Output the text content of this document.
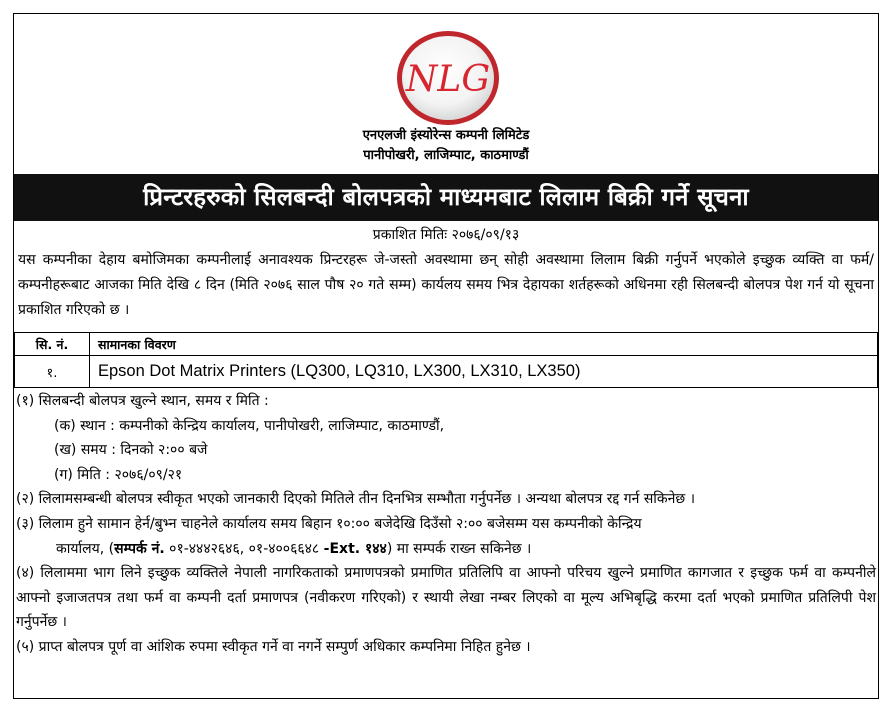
NLG
एनएलजी इंस्योरेन्स कम्पनी लिमिटेड
पानीपोखरी, लाजिम्पाट, काठमाण्डौं
प्रिन्टरहरुको सिलबन्दी बोलपत्रको माध्यमबाट लिलाम बिक्री गर्ने सूचना
प्रकाशित मितिः २०७६/०९/१३

यस कम्पनीका देहाय बमोजिमका कम्पनीलाई अनावश्यक प्रिन्टरहरू जे-जस्तो अवस्थामा छन् सोही अवस्थामा लिलाम बिक्री गर्नुपर्ने भएकोले इच्छुक व्यक्ति वा फर्म/कम्पनीहरूबाट आजका मिति देखि ८ दिन (मिति २०७६ साल पौष २० गते सम्म) कार्यलय समय भित्र देहायका शर्तहरूको अधिनमा रही सिलबन्दी बोलपत्र पेश गर्न यो सूचना प्रकाशित गरिएको छ ।

सि. नं.	सामानका विवरण
१.	Epson Dot Matrix Printers (LQ300, LQ310, LX300, LX310, LX350)
(१) सिलबन्दी बोलपत्र खुल्ने स्थान, समय र मिति :
(क) स्थान : कम्पनीको केन्द्रिय कार्यालय, पानीपोखरी, लाजिम्पाट, काठमाण्डौं,
(ख) समय : दिनको २:०० बजे
(ग) मिति : २०७६/०९/२१
(२) लिलामसम्बन्धी बोलपत्र स्वीकृत भएको जानकारी दिएको मितिले तीन दिनभित्र सम्भौता गर्नुपर्नेछ । अन्यथा बोलपत्र रद्द गर्न सकिनेछ ।
(३) लिलाम हुने सामान हेर्न/बुभ्न चाहनेले कार्यालय समय बिहान १०:०० बजेदेखि दिउँसो २:०० बजेसम्म यस कम्पनीको केन्द्रिय
कार्यालय, (सम्पर्क नं. ०१-४४४२६४६, ०१-४००६६४८ -Ext. १४४) मा सम्पर्क राख्न सकिनेछ ।
(४) लिलाममा भाग लिने इच्छुक व्यक्तिले नेपाली नागरिकताको प्रमाणपत्रको प्रमाणित प्रतिलिपि वा आफ्नो परिचय खुल्ने प्रमाणित कागजात र इच्छुक फर्म वा कम्पनीले आफ्नो इजाजतपत्र तथा फर्म वा कम्पनी दर्ता प्रमाणपत्र (नवीकरण गरिएको) र स्थायी लेखा नम्बर लिएको वा मूल्य अभिबृद्धि करमा दर्ता भएको प्रमाणित प्रतिलिपी पेश गर्नुपर्नेछ ।
(५) प्राप्त बोलपत्र पूर्ण वा आंशिक रुपमा स्वीकृत गर्ने वा नगर्ने सम्पुर्ण अधिकार कम्पनिमा निहित हुनेछ ।
